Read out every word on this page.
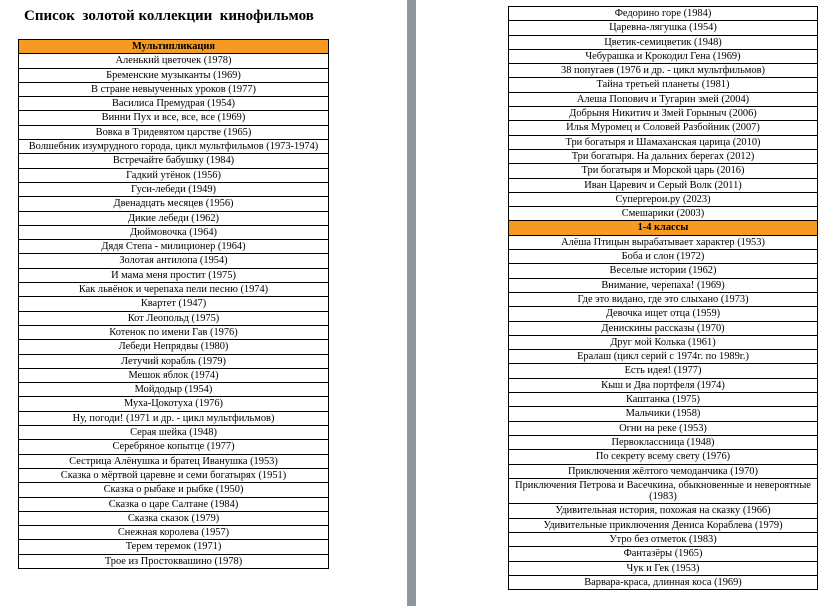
Список  золотой коллекции  кинофильмов
Мультипликация
Аленький цветочек (1978)
Бременские музыканты (1969)
В стране невыученных уроков (1977)
Василиса Премудрая (1954)
Винни Пух и все, все, все (1969)
Вовка в Тридевятом царстве (1965)
Волшебник изумрудного города, цикл мультфильмов (1973-1974)
Встречайте бабушку (1984)
Гадкий утёнок (1956)
Гуси-лебеди (1949)
Двенадцать месяцев (1956)
Дикие лебеди (1962)
Дюймовочка (1964)
Дядя Степа - милиционер (1964)
Золотая антилопа (1954)
И мама меня простит (1975)
Как львёнок и черепаха пели песню (1974)
Квартет (1947)
Кот Леопольд (1975)
Котенок по имени Гав (1976)
Лебеди Непрядвы (1980)
Летучий корабль (1979)
Мешок яблок (1974)
Мойдодыр (1954)
Муха-Цокотуха (1976)
Ну, погоди! (1971 и др. - цикл мультфильмов)
Серая шейка (1948)
Серебряное копытце (1977)
Сестрица Алёнушка и братец Иванушка (1953)
Сказка о мёртвой царевне и семи богатырях (1951)
Сказка о рыбаке и рыбке (1950)
Сказка о царе Салтане (1984)
Сказка сказок (1979)
Снежная королева (1957)
Терем теремок (1971)
Трое из Простоквашино (1978)
Федорино горе (1984)
Царевна-лягушка (1954)
Цветик-семицветик (1948)
Чебурашка и Крокодил Гена (1969)
38 попугаев (1976 и др. - цикл мультфильмов)
Тайна третьей планеты (1981)
Алеша Попович и Тугарин змей (2004)
Добрыня Никитич и Змей Горыныч (2006)
Илья Муромец и Соловей Разбойник (2007)
Три богатыря и Шамаханская царица (2010)
Три богатыря. На дальних берегах (2012)
Три богатыря и Морской царь (2016)
Иван Царевич и Серый Волк (2011)
Супергерои.ру (2023)
Смешарики (2003)
1-4 классы
Алёша Птицын вырабатывает характер (1953)
Боба и слон (1972)
Веселые истории (1962)
Внимание, черепаха! (1969)
Где это видано, где это слыхано (1973)
Девочка ищет отца (1959)
Денискины рассказы (1970)
Друг мой Колька (1961)
Ералаш (цикл серий с 1974г. по 1989г.)
Есть идея! (1977)
Кыш и Два портфеля (1974)
Каштанка (1975)
Мальчики (1958)
Огни на реке (1953)
Первоклассница (1948)
По секрету всему свету (1976)
Приключения жёлтого чемоданчика (1970)
Приключения Петрова и Васечкина, обыкновенные и невероятные (1983)
Удивительная история, похожая на сказку (1966)
Удивительные приключения Дениса Кораблева (1979)
Утро без отметок (1983)
Фантазёры (1965)
Чук и Гек (1953)
Варвара-краса, длинная коса (1969)
